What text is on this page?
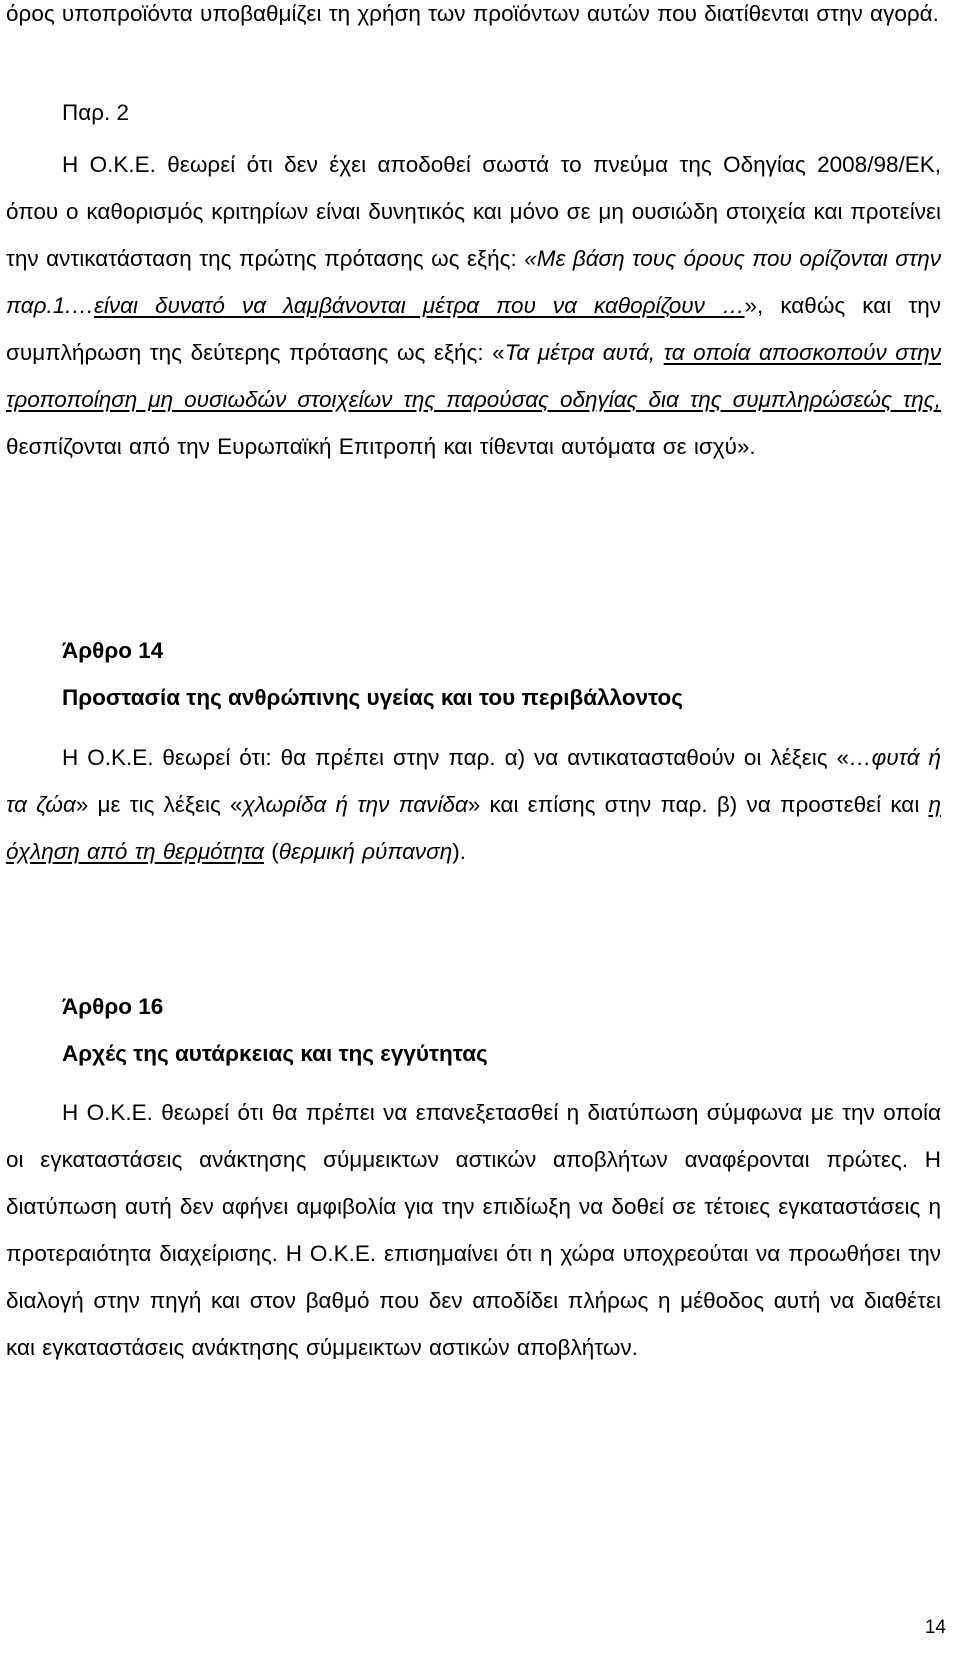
όρος υποπροϊόντα υποβαθμίζει τη χρήση των προϊόντων αυτών που διατίθενται στην αγορά.
Παρ. 2
Η Ο.Κ.Ε. θεωρεί ότι δεν έχει αποδοθεί σωστά το πνεύμα της Οδηγίας 2008/98/ΕΚ, όπου ο καθορισμός κριτηρίων είναι δυνητικός και μόνο σε μη ουσιώδη στοιχεία και προτείνει την αντικατάσταση της πρώτης πρότασης ως εξής: «Με βάση τους όρους που ορίζονται στην παρ.1.…είναι δυνατό να λαμβάνονται μέτρα που να καθορίζουν …», καθώς και την συμπλήρωση της δεύτερης πρότασης ως εξής: «Τα μέτρα αυτά, τα οποία αποσκοπούν στην τροποποίηση μη ουσιωδών στοιχείων της παρούσας οδηγίας δια της συμπληρώσεώς της, θεσπίζονται από την Ευρωπαϊκή Επιτροπή και τίθενται αυτόματα σε ισχύ».
Άρθρο 14
Προστασία της ανθρώπινης υγείας και του περιβάλλοντος
Η Ο.Κ.Ε. θεωρεί ότι: θα πρέπει στην παρ. α) να αντικατασταθούν οι λέξεις «…φυτά ή τα ζώα» με τις λέξεις «χλωρίδα ή την πανίδα» και επίσης στην παρ. β) να προστεθεί και η όχληση από τη θερμότητα (θερμική ρύπανση).
Άρθρο 16
Αρχές της αυτάρκειας και της εγγύτητας
Η Ο.Κ.Ε. θεωρεί ότι θα πρέπει να επανεξετασθεί η διατύπωση σύμφωνα με την οποία οι εγκαταστάσεις ανάκτησης σύμμεικτων αστικών αποβλήτων αναφέρονται πρώτες. Η διατύπωση αυτή δεν αφήνει αμφιβολία για την επιδίωξη να δοθεί σε τέτοιες εγκαταστάσεις η προτεραιότητα διαχείρισης. Η Ο.Κ.Ε. επισημαίνει ότι η χώρα υποχρεούται να προωθήσει την διαλογή στην πηγή και στον βαθμό που δεν αποδίδει πλήρως η μέθοδος αυτή να διαθέτει και εγκαταστάσεις ανάκτησης σύμμεικτων αστικών αποβλήτων.
14
